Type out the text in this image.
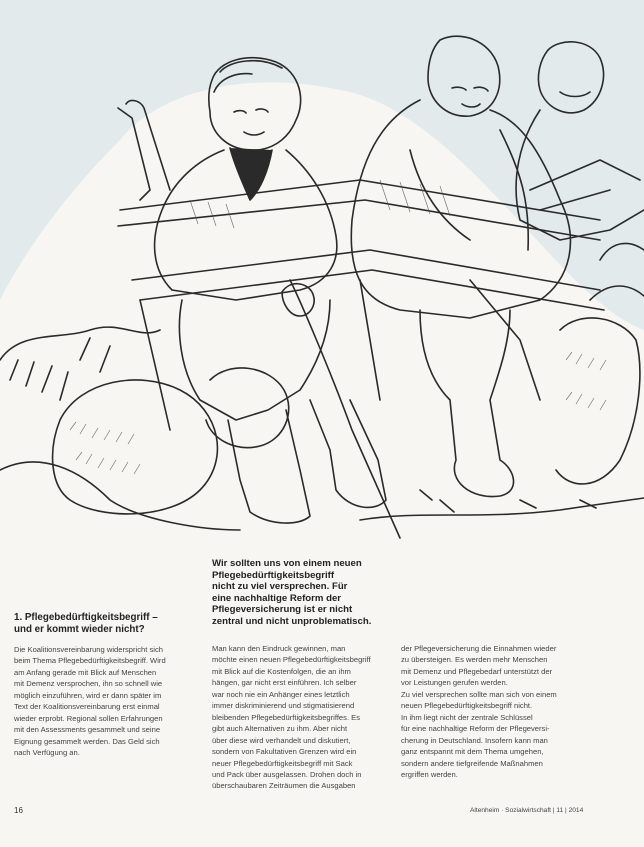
Wir sollten uns von einem neuen
Pflegebedürftigkeitsbegriff
nicht zu viel versprechen. Für
eine nachhaltige Reform der
Pflegeversicherung ist er nicht
zentral und nicht unproblematisch.
1. Pflegebedürftigkeitsbegriff –
und er kommt wieder nicht?
Die Koalitionsvereinbarung widerspricht sich
beim Thema Pflegebedürftigkeitsbegriff. Wird
am Anfang gerade mit Blick auf Menschen
mit Demenz versprochen, ihn so schnell wie
möglich einzuführen, wird er dann später im
Text der Koalitionsvereinbarung erst einmal
wieder erprobt. Regional sollen Erfahrungen
mit den Assessments gesammelt und seine
Eignung gesammelt werden. Das Geld sich
nach Verfügung an.
Man kann den Eindruck gewinnen, man
möchte einen neuen Pflegebedürftigkeitsbegriff
mit Blick auf die Kostenfolgen, die an ihm
hängen, gar nicht erst einführen. Ich selber
war noch nie ein Anhänger eines letztlich
immer diskriminierend und stigmatisierend
bleibenden Pflegebedürftigkeitsbegriffes. Es
gibt auch Alternativen zu ihm. Aber nicht
über diese wird verhandelt und diskutiert,
sondern von Fakultativen Grenzen wird ein
neuer Pflegebedürftigkeitsbegriff mit Sack
und Pack über ausgelassen. Drohen doch in
überschaubaren Zeiträumen die Ausgaben
der Pflegeversicherung die Einnahmen wieder
zu übersteigen. Es werden mehr Menschen
mit Demenz und Pflegebedarf unterstützt der
vor Leistungen gerufen werden.
Zu viel versprechen sollte man sich von einem
neuen Pflegebedürftigkeitsbegriff nicht.
In ihm liegt nicht der zentrale Schlüssel
für eine nachhaltige Reform der Pflegeversi-
cherung in Deutschland. Insofern kann man
ganz entspannt mit dem Thema umgehen,
sondern andere tiefgreifende Maßnahmen
ergriffen werden.
16	Altenheim · Sozialwirtschaft | 11 | 2014
